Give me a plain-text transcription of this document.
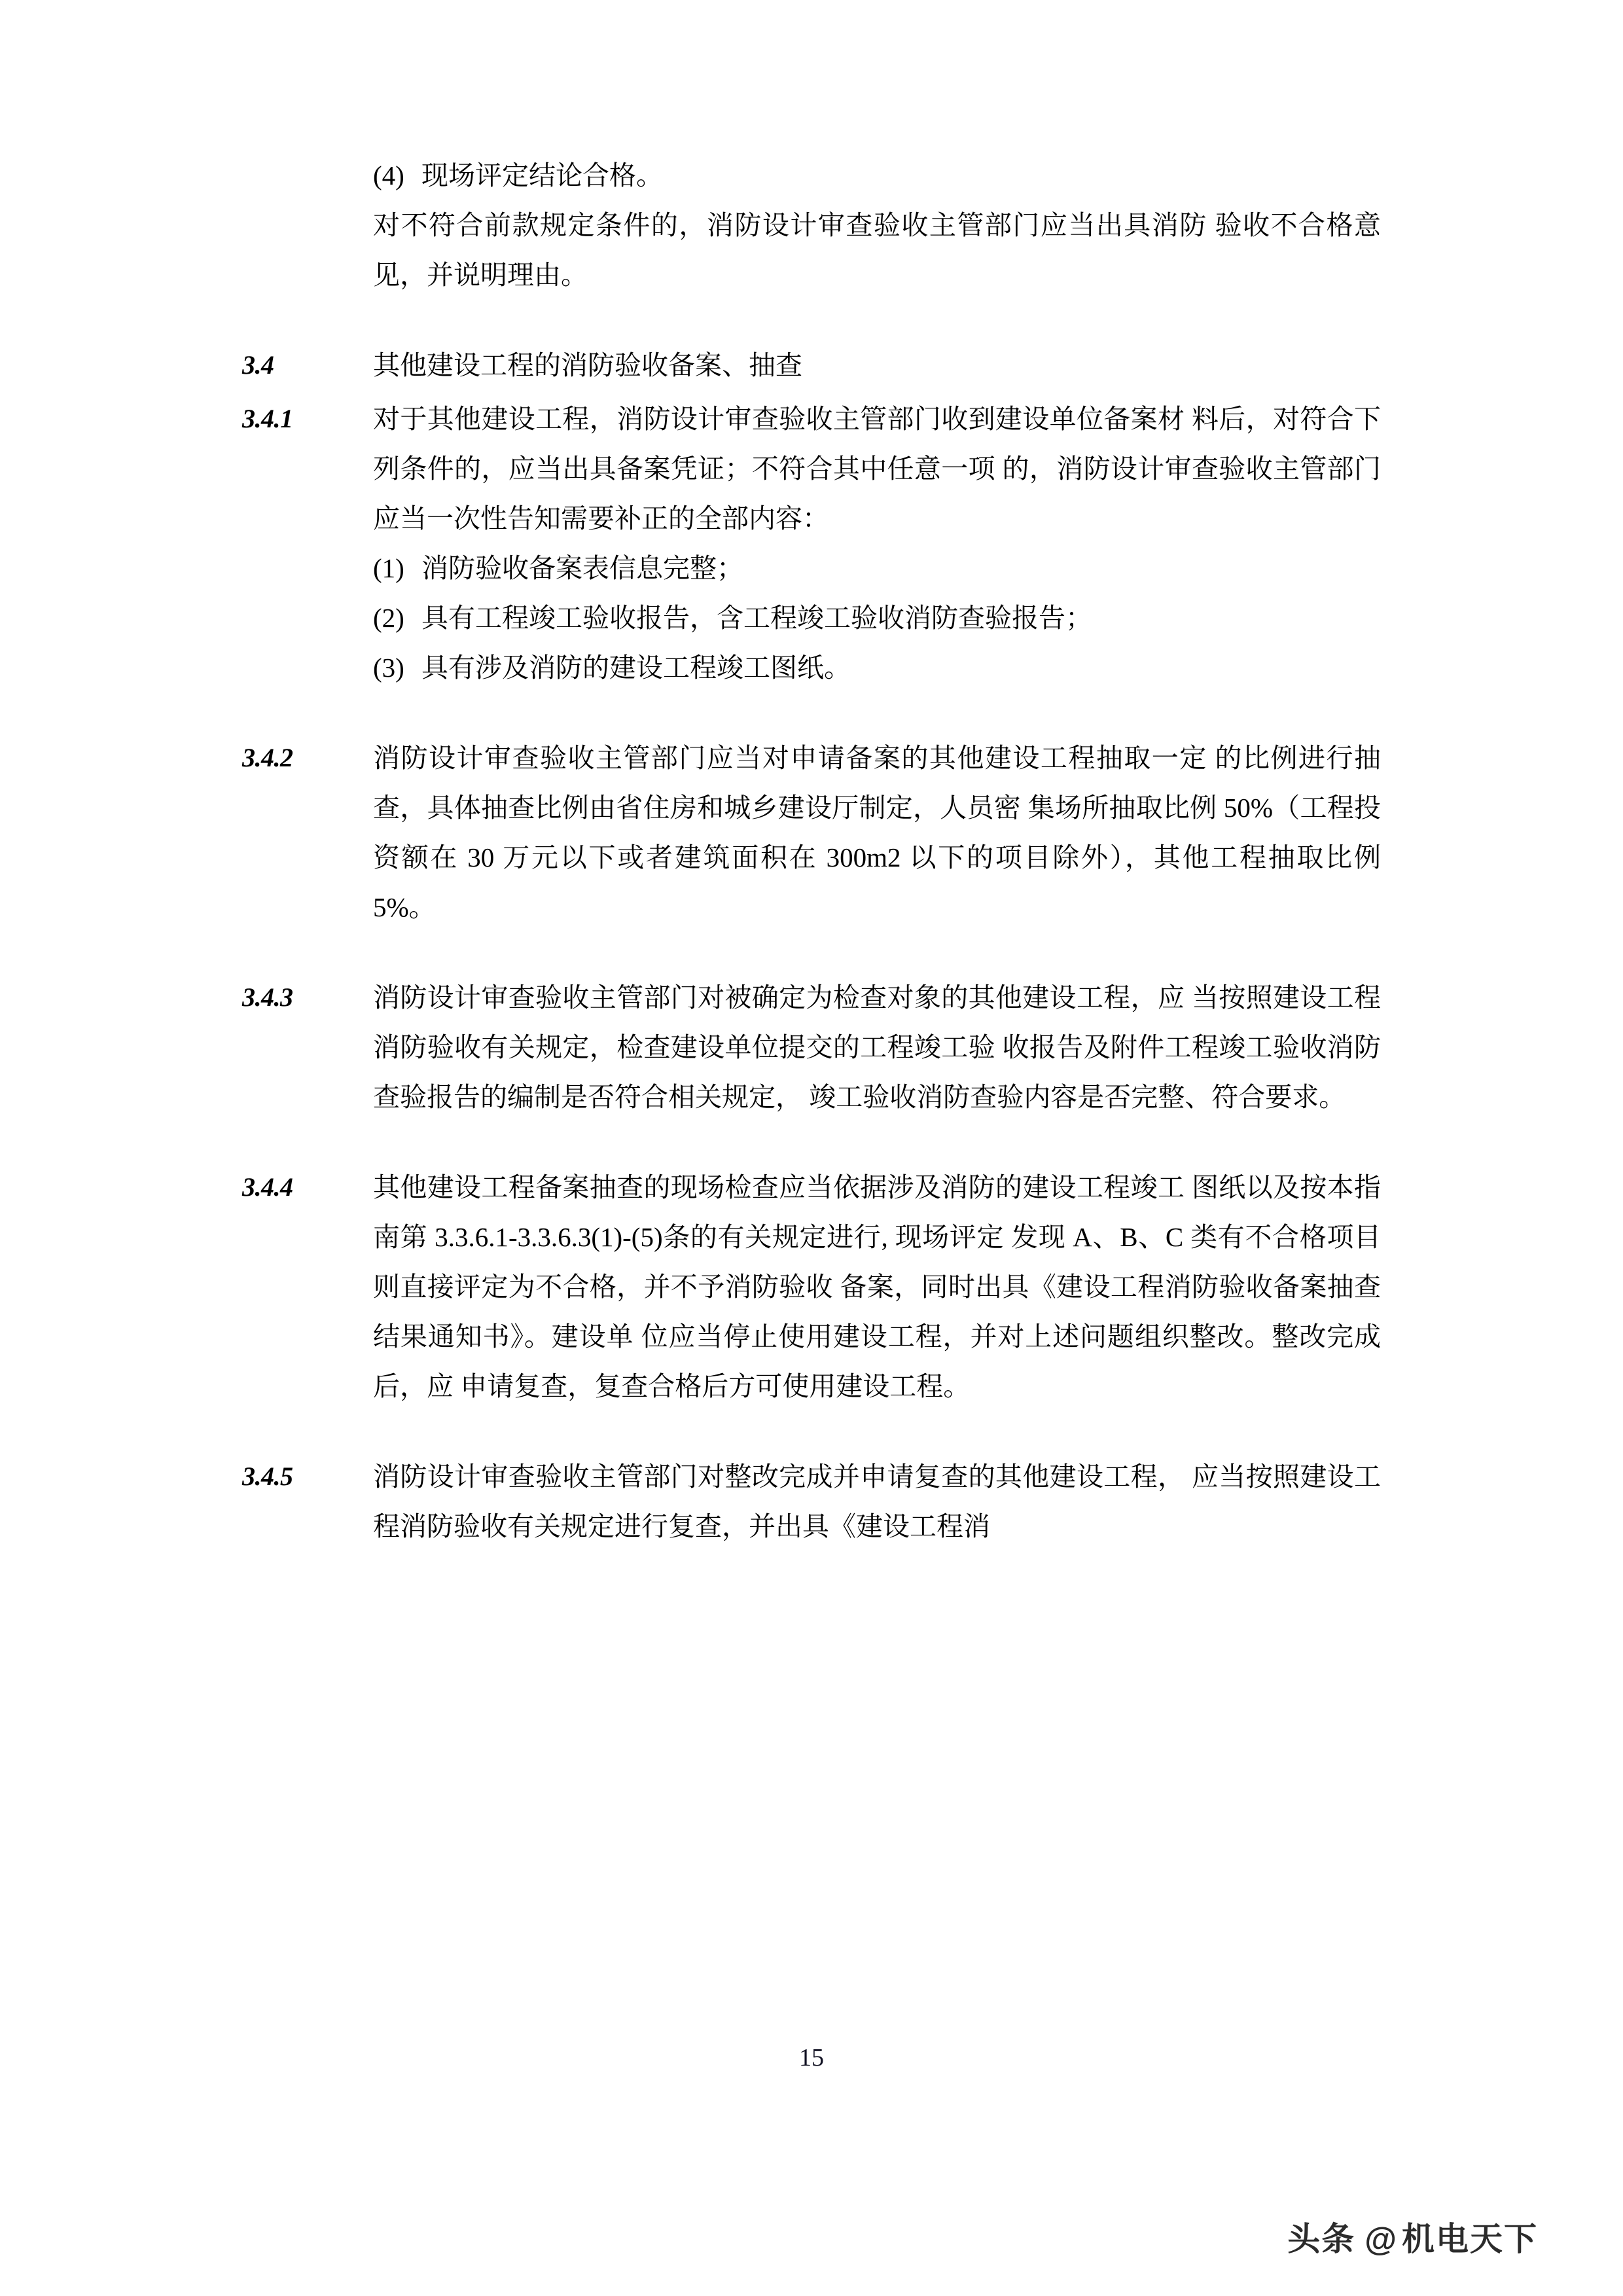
(4) 现场评定结论合格。
对不符合前款规定条件的，消防设计审查验收主管部门应当出具消防 验收不合格意见，并说明理由。
3.4	其他建设工程的消防验收备案、抽查
3.4.1	对于其他建设工程，消防设计审查验收主管部门收到建设单位备案材 料后，对符合下列条件的，应当出具备案凭证；不符合其中任意一项 的，消防设计审查验收主管部门应当一次性告知需要补正的全部内容：
(1) 消防验收备案表信息完整；
(2) 具有工程竣工验收报告，含工程竣工验收消防查验报告；
(3) 具有涉及消防的建设工程竣工图纸。
3.4.2	消防设计审查验收主管部门应当对申请备案的其他建设工程抽取一定 的比例进行抽查，具体抽查比例由省住房和城乡建设厅制定，人员密 集场所抽取比例 50%（工程投资额在 30 万元以下或者建筑面积在 300m2 以下的项目除外），其他工程抽取比例 5%。
3.4.3	消防设计审查验收主管部门对被确定为检查对象的其他建设工程，应 当按照建设工程消防验收有关规定，检查建设单位提交的工程竣工验 收报告及附件工程竣工验收消防查验报告的编制是否符合相关规定， 竣工验收消防查验内容是否完整、符合要求。
3.4.4	其他建设工程备案抽查的现场检查应当依据涉及消防的建设工程竣工 图纸以及按本指南第 3.3.6.1-3.3.6.3(1)-(5)条的有关规定进行, 现场评定 发现 A、B、C 类有不合格项目则直接评定为不合格，并不予消防验收 备案，同时出具《建设工程消防验收备案抽查结果通知书》。建设单 位应当停止使用建设工程，并对上述问题组织整改。整改完成后，应 申请复查，复查合格后方可使用建设工程。
3.4.5	消防设计审查验收主管部门对整改完成并申请复查的其他建设工程， 应当按照建设工程消防验收有关规定进行复查，并出具《建设工程消
15
头条 @ 机电天下
